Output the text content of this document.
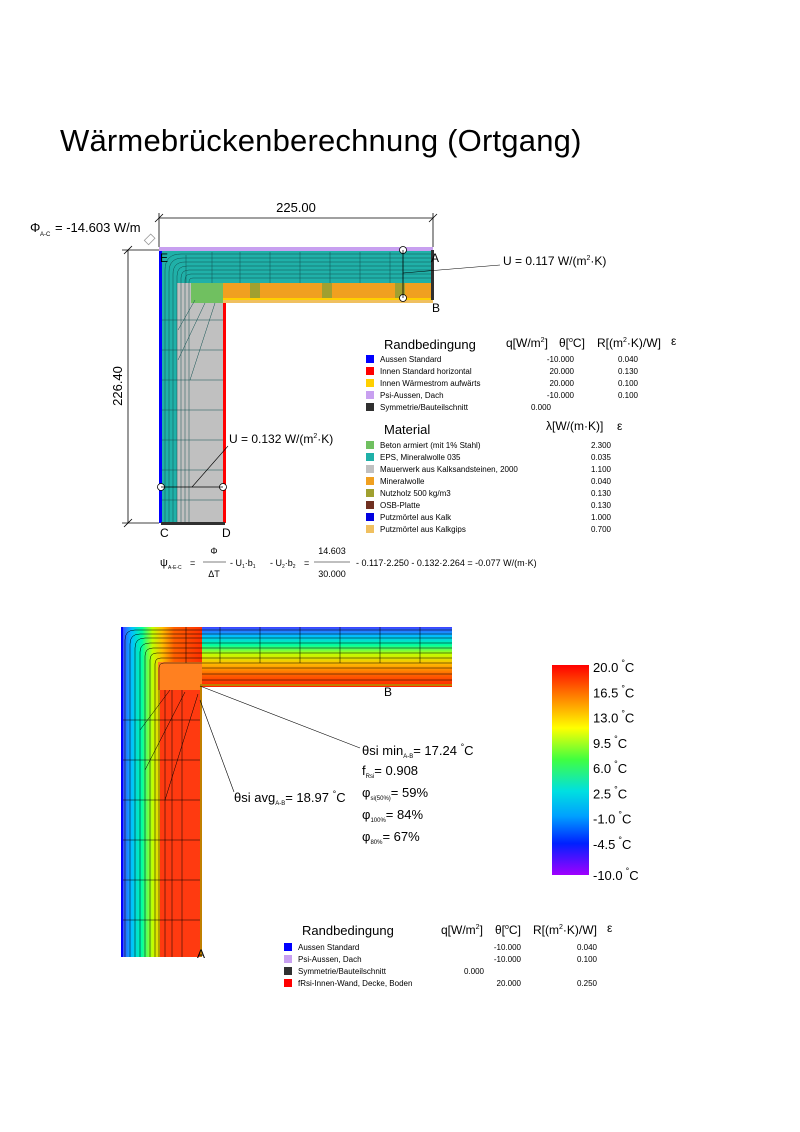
Wärmebrückenberechnung (Ortgang)
225.00
226.40
Φ A-C = -14.603 W/m
E	A
B
C	D
U = 0.117 $W/(m^2\cdot K)$
U = 0.132 $W/(m^2\cdot K)$
Randbedingung	$q[W/m^2]$ θ[$^o$C] $R[(m^2\cdot K)/W]$ ε
Aussen Standard	-10.000	0.040
Innen Standard horizontal	20.000	0.130
Innen Wärmestrom aufwärts	20.000	0.100
Psi-Aussen, Dach	-10.000	0.100
Symmetrie/Bauteilschnitt	0.000
Material	λ[W/(m·K)] ε
Beton armiert (mit 1% Stahl)	2.300
EPS, Mineralwolle 035	0.035
Mauerwerk aus Kalksandsteinen, 2000	1.100
Mineralwolle	0.040
Nutzholz 500 kg/m3	0.130
OSB-Platte	0.130
Putzmörtel aus Kalk	1.000
Putzmörtel aus Kalkgips	0.700
ψ A-E-C =
Φ
ΔT
- $U_1\cdot b_1 - U_2\cdot b_2$ =
14.603
30.000
- 0.117·2.250 - 0.132·2.264 = -0.077 W/(m·K)
B
A
θsi $\min_{A-B}= 17.24$ °C
$f_{Rsi}= 0.908$
$\varphi_{si(50\%)}= 59\%$
$\varphi_{100\%}= 84\%$
$\varphi_{80\%}= 67\%$
θsi avg$_{A-B}$= 18.97 °C
20.0 °C
16.5 °C
13.0 °C
9.5 °C
6.0 °C
2.5 °C
-1.0 °C
-4.5 °C
-10.0 °C
Randbedingung	$q[W/m^2]$ θ[$^o$C] $R[(m^2\cdot K)/W]$ ε
Aussen Standard	-10.000	0.040
Psi-Aussen, Dach	-10.000	0.100
Symmetrie/Bauteilschnitt	0.000
fRsi-Innen-Wand, Decke, Boden	20.000	0.250
